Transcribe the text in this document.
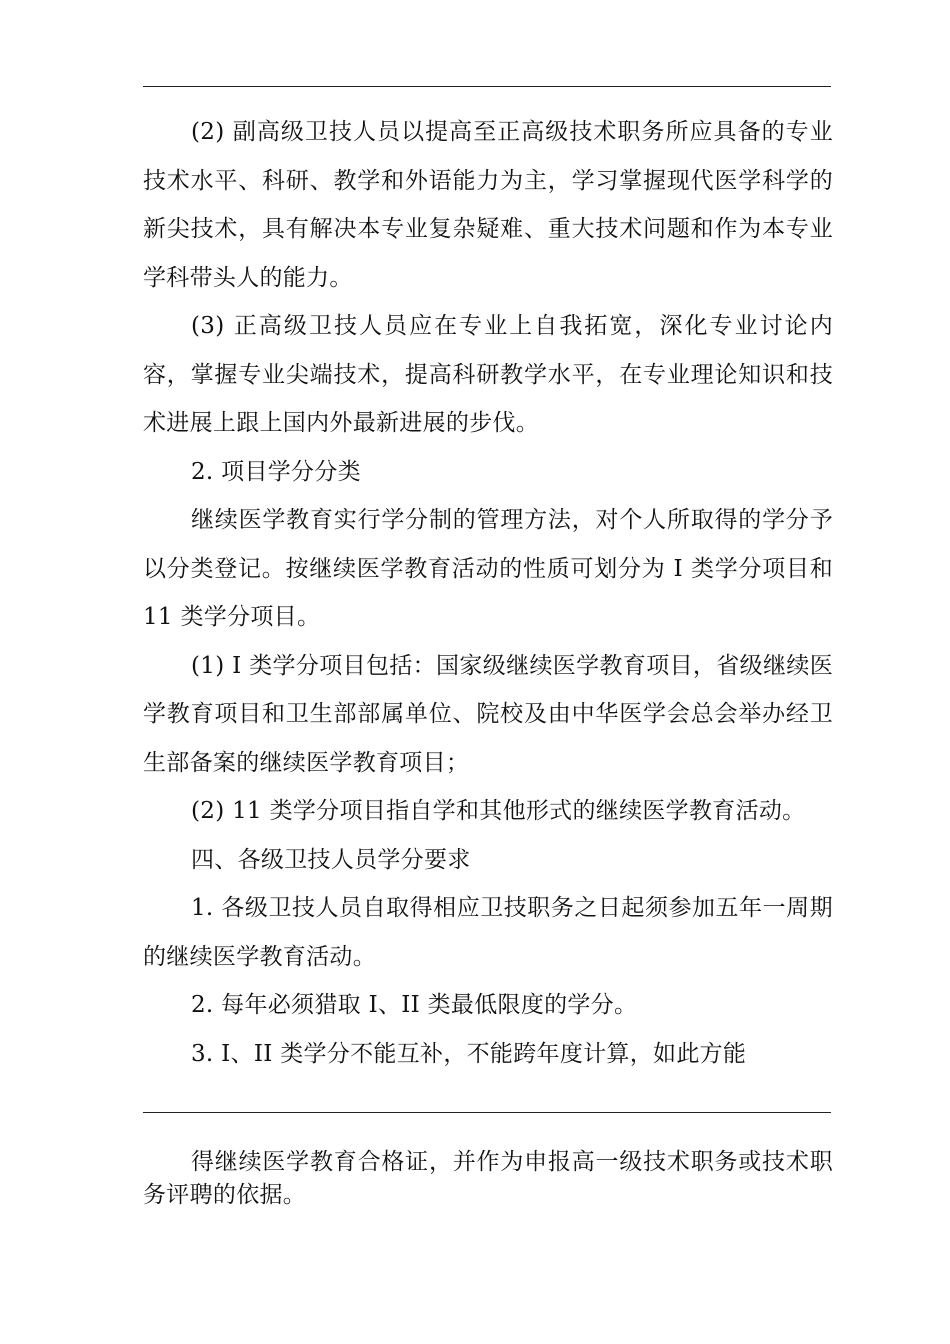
(2) 副高级卫技人员以提高至正高级技术职务所应具备的专业技术水平、科研、教学和外语能力为主，学习掌握现代医学科学的新尖技术，具有解决本专业复杂疑难、重大技术问题和作为本专业学科带头人的能力。

(3) 正高级卫技人员应在专业上自我拓宽，深化专业讨论内容，掌握专业尖端技术，提高科研教学水平，在专业理论知识和技术进展上跟上国内外最新进展的步伐。

2. 项目学分分类

继续医学教育实行学分制的管理方法，对个人所取得的学分予以分类登记。按继续医学教育活动的性质可划分为 I 类学分项目和 11 类学分项目。

(1) I 类学分项目包括：国家级继续医学教育项目，省级继续医学教育项目和卫生部部属单位、院校及由中华医学会总会举办经卫生部备案的继续医学教育项目；

(2) 11 类学分项目指自学和其他形式的继续医学教育活动。

四、各级卫技人员学分要求

1. 各级卫技人员自取得相应卫技职务之日起须参加五年一周期的继续医学教育活动。

2. 每年必须猎取 I、II 类最低限度的学分。

3. I、II 类学分不能互补，不能跨年度计算，如此方能

得继续医学教育合格证，并作为申报高一级技术职务或技术职务评聘的依据。
